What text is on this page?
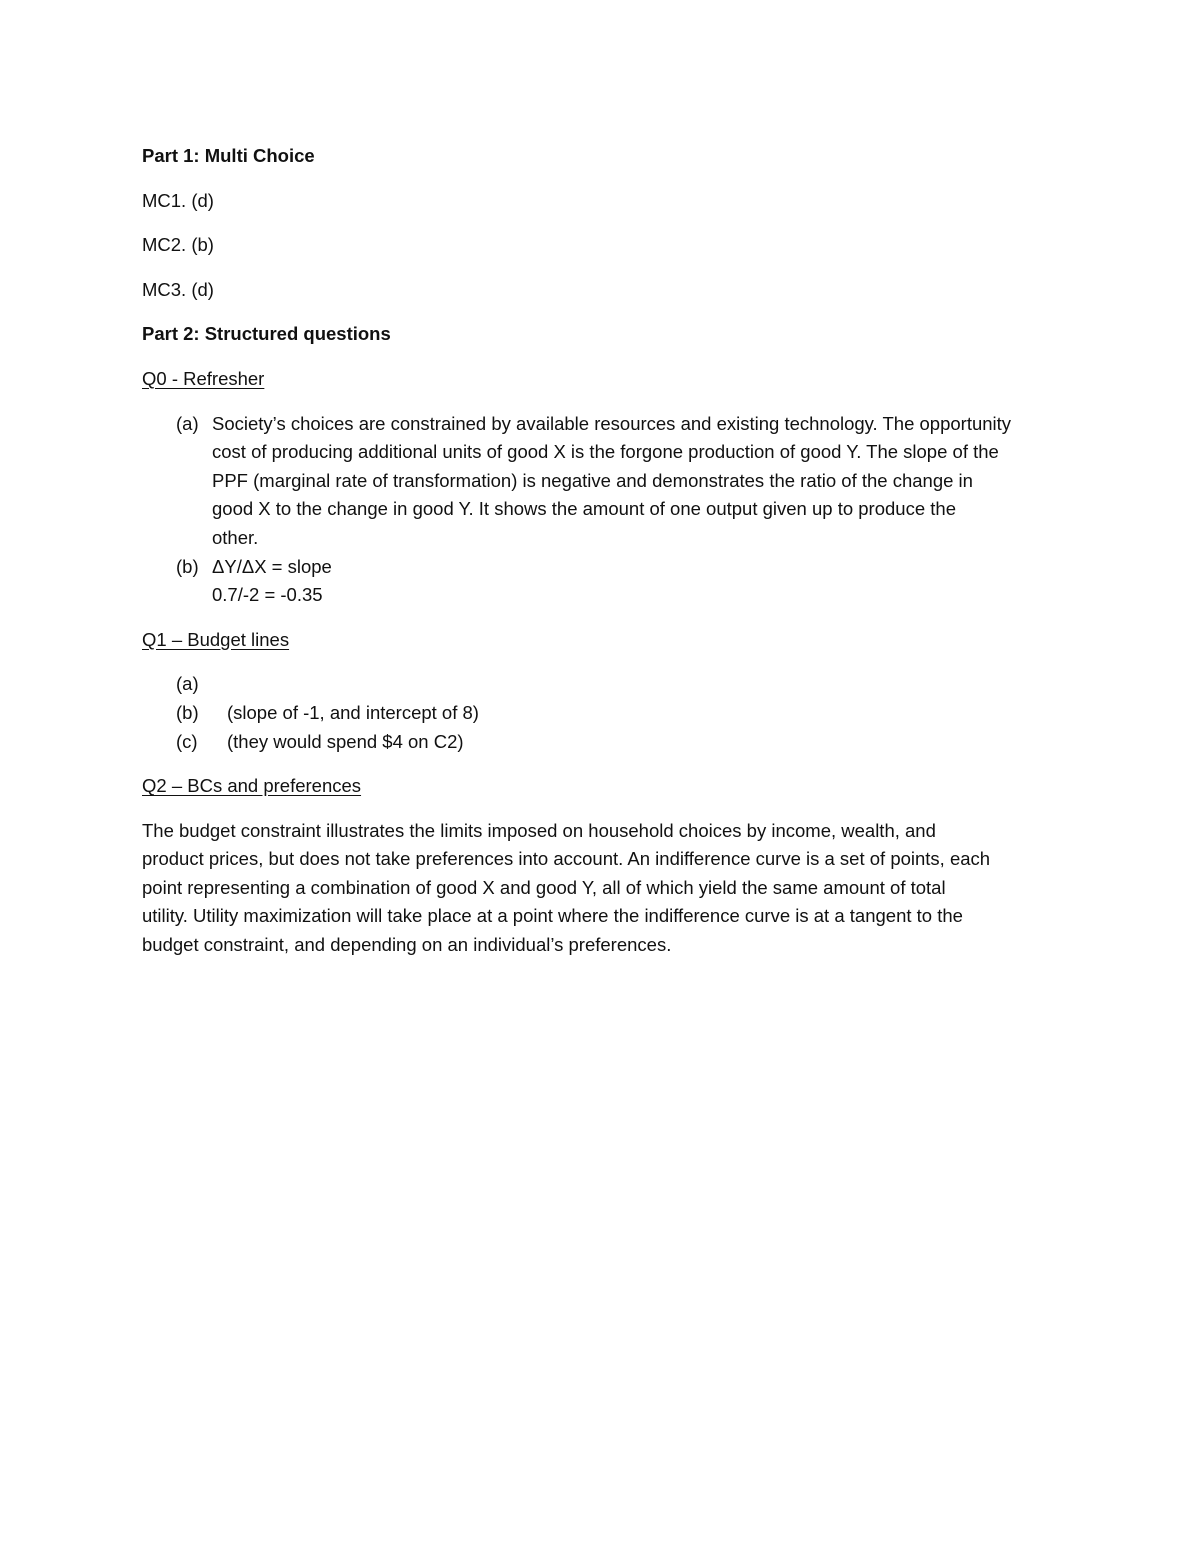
Part 1: Multi Choice

MC1. (d)

MC2. (b)

MC3. (d)

Part 2: Structured questions

Q0 - Refresher

(a) Society’s choices are constrained by available resources and existing technology. The opportunity
cost of producing additional units of good X is the forgone production of good Y. The slope of the
PPF (marginal rate of transformation) is negative and demonstrates the ratio of the change in
good X to the change in good Y. It shows the amount of one output given up to produce the
other.
(b) ΔY/ΔX = slope
0.7/-2 = -0.35

Q1 – Budget lines

(a)
(b) (slope of -1, and intercept of 8)
(c) (they would spend $4 on C2)

Q2 – BCs and preferences

The budget constraint illustrates the limits imposed on household choices by income, wealth, and

product prices, but does not take preferences into account. An indifference curve is a set of points, each

point representing a combination of good X and good Y, all of which yield the same amount of total

utility. Utility maximization will take place at a point where the indifference curve is at a tangent to the

budget constraint, and depending on an individual’s preferences.
